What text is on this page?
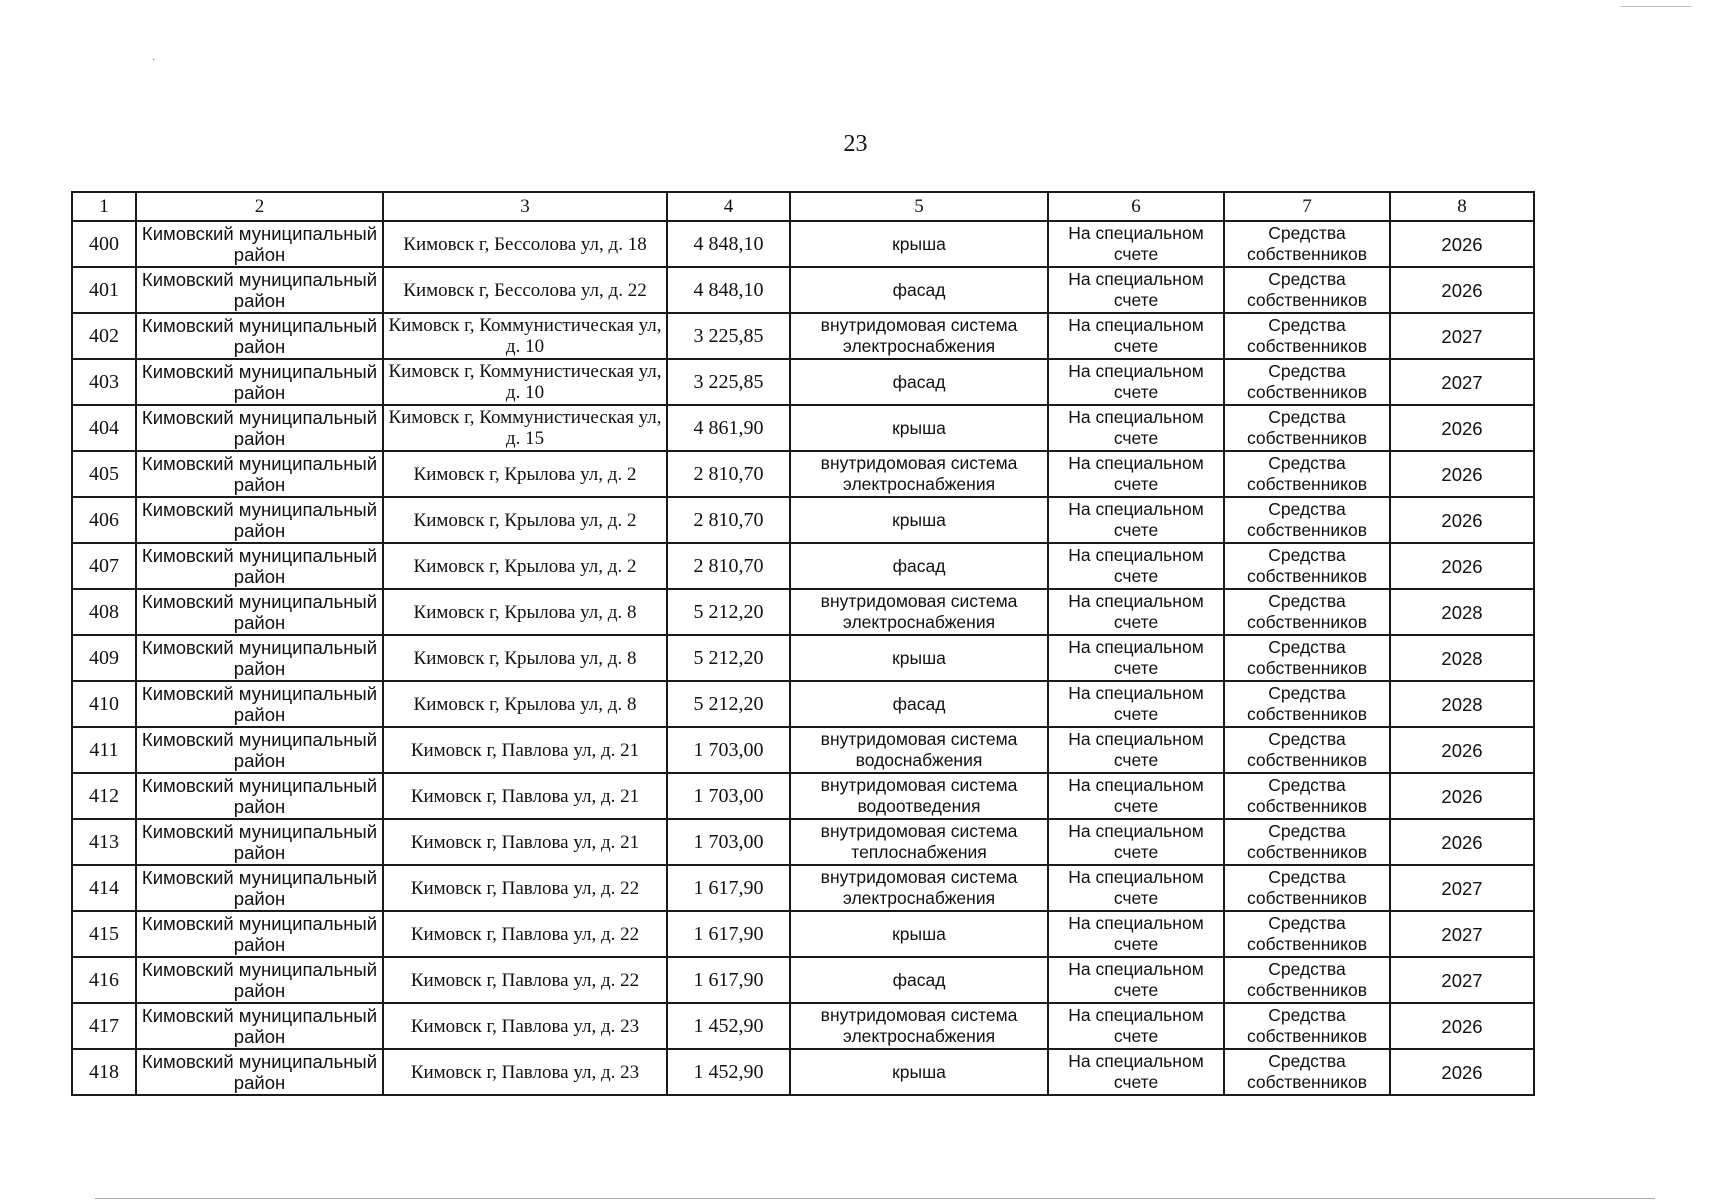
·
23
1	2	3	4	5	6	7	8
400	Кимовский муниципальный район	Кимовск г, Бессолова ул, д. 18	4 848,10	крыша	На специальном счете	Средства собственников	2026
401	Кимовский муниципальный район	Кимовск г, Бессолова ул, д. 22	4 848,10	фасад	На специальном счете	Средства собственников	2026
402	Кимовский муниципальный район	Кимовск г, Коммунистическая ул, д. 10	3 225,85	внутридомовая система электроснабжения	На специальном счете	Средства собственников	2027
403	Кимовский муниципальный район	Кимовск г, Коммунистическая ул, д. 10	3 225,85	фасад	На специальном счете	Средства собственников	2027
404	Кимовский муниципальный район	Кимовск г, Коммунистическая ул, д. 15	4 861,90	крыша	На специальном счете	Средства собственников	2026
405	Кимовский муниципальный район	Кимовск г, Крылова ул, д. 2	2 810,70	внутридомовая система электроснабжения	На специальном счете	Средства собственников	2026
406	Кимовский муниципальный район	Кимовск г, Крылова ул, д. 2	2 810,70	крыша	На специальном счете	Средства собственников	2026
407	Кимовский муниципальный район	Кимовск г, Крылова ул, д. 2	2 810,70	фасад	На специальном счете	Средства собственников	2026
408	Кимовский муниципальный район	Кимовск г, Крылова ул, д. 8	5 212,20	внутридомовая система электроснабжения	На специальном счете	Средства собственников	2028
409	Кимовский муниципальный район	Кимовск г, Крылова ул, д. 8	5 212,20	крыша	На специальном счете	Средства собственников	2028
410	Кимовский муниципальный район	Кимовск г, Крылова ул, д. 8	5 212,20	фасад	На специальном счете	Средства собственников	2028
411	Кимовский муниципальный район	Кимовск г, Павлова ул, д. 21	1 703,00	внутридомовая система водоснабжения	На специальном счете	Средства собственников	2026
412	Кимовский муниципальный район	Кимовск г, Павлова ул, д. 21	1 703,00	внутридомовая система водоотведения	На специальном счете	Средства собственников	2026
413	Кимовский муниципальный район	Кимовск г, Павлова ул, д. 21	1 703,00	внутридомовая система теплоснабжения	На специальном счете	Средства собственников	2026
414	Кимовский муниципальный район	Кимовск г, Павлова ул, д. 22	1 617,90	внутридомовая система электроснабжения	На специальном счете	Средства собственников	2027
415	Кимовский муниципальный район	Кимовск г, Павлова ул, д. 22	1 617,90	крыша	На специальном счете	Средства собственников	2027
416	Кимовский муниципальный район	Кимовск г, Павлова ул, д. 22	1 617,90	фасад	На специальном счете	Средства собственников	2027
417	Кимовский муниципальный район	Кимовск г, Павлова ул, д. 23	1 452,90	внутридомовая система электроснабжения	На специальном счете	Средства собственников	2026
418	Кимовский муниципальный район	Кимовск г, Павлова ул, д. 23	1 452,90	крыша	На специальном счете	Средства собственников	2026
